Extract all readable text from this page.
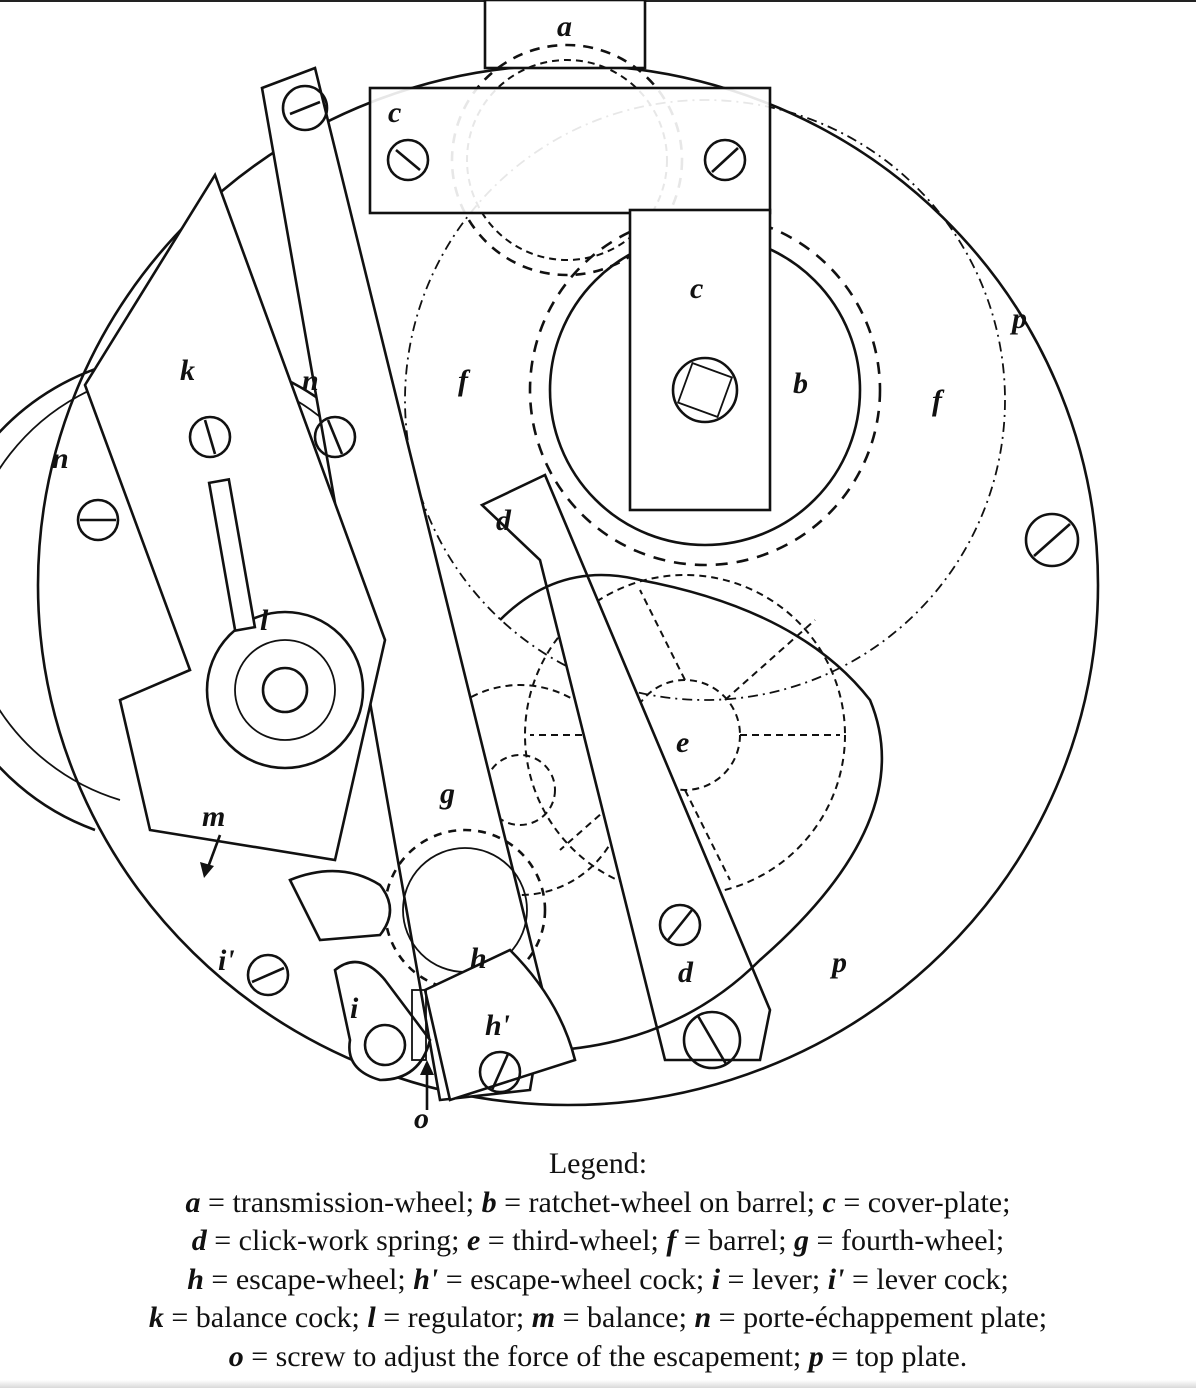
a
c
c
p
k	n	f	b
f
n
d
l
e
g
m
i'	h	p
d
i
h'
o
Legend:
a = transmission-wheel; b = ratchet-wheel on barrel; c = cover-plate;
d = click-work spring; e = third-wheel; f = barrel; g = fourth-wheel;
h = escape-wheel; h' = escape-wheel cock; i = lever; i' = lever cock;
k = balance cock; l = regulator; m = balance; n = porte-échappement plate;
o = screw to adjust the force of the escapement; p = top plate.
